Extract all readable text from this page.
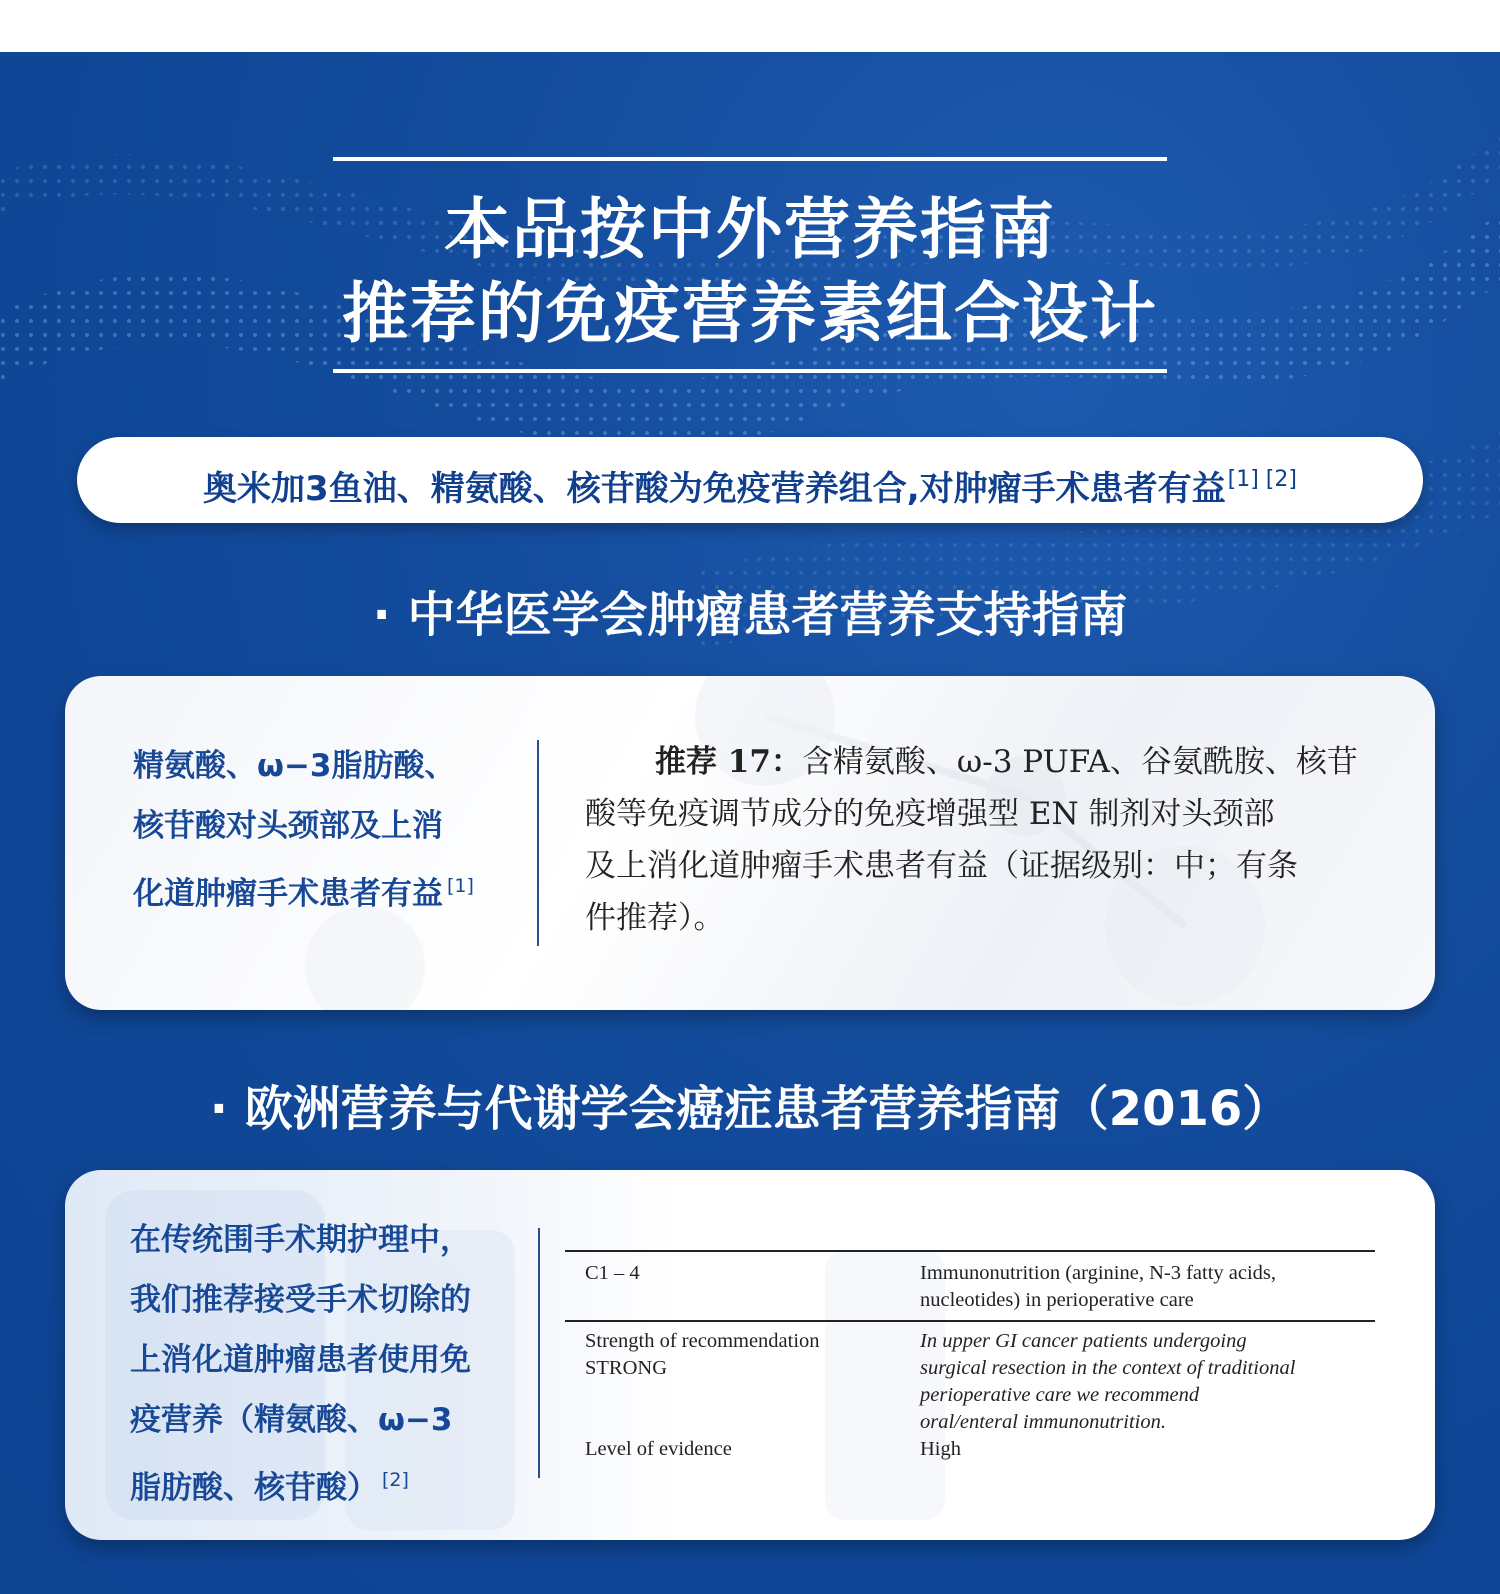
本品按中外营养指南
推荐的免疫营养素组合设计
奥米加3鱼油、精氨酸、核苷酸为免疫营养组合,对肿瘤手术患者有益[1] [2]
· 中华医学会肿瘤患者营养支持指南
精氨酸、ω−3脂肪酸、
核苷酸对头颈部及上消
化道肿瘤手术患者有益 [1]
推荐 17：含精氨酸、ω-3 PUFA、谷氨酰胺、核苷
酸等免疫调节成分的免疫增强型 EN 制剂对头颈部
及上消化道肿瘤手术患者有益（证据级别：中；有条
件推荐）。
· 欧洲营养与代谢学会癌症患者营养指南（2016）
在传统围手术期护理中，
我们推荐接受手术切除的
上消化道肿瘤患者使用免
疫营养（精氨酸、ω−3
脂肪酸、核苷酸） [2]
C1 – 4	Immunonutrition (arginine, N-3 fatty acids,
nucleotides) in perioperative care
Strength of recommendation
STRONG
In upper GI cancer patients undergoing
surgical resection in the context of traditional
perioperative care we recommend
oral/enteral immunonutrition.
Level of evidence	High
